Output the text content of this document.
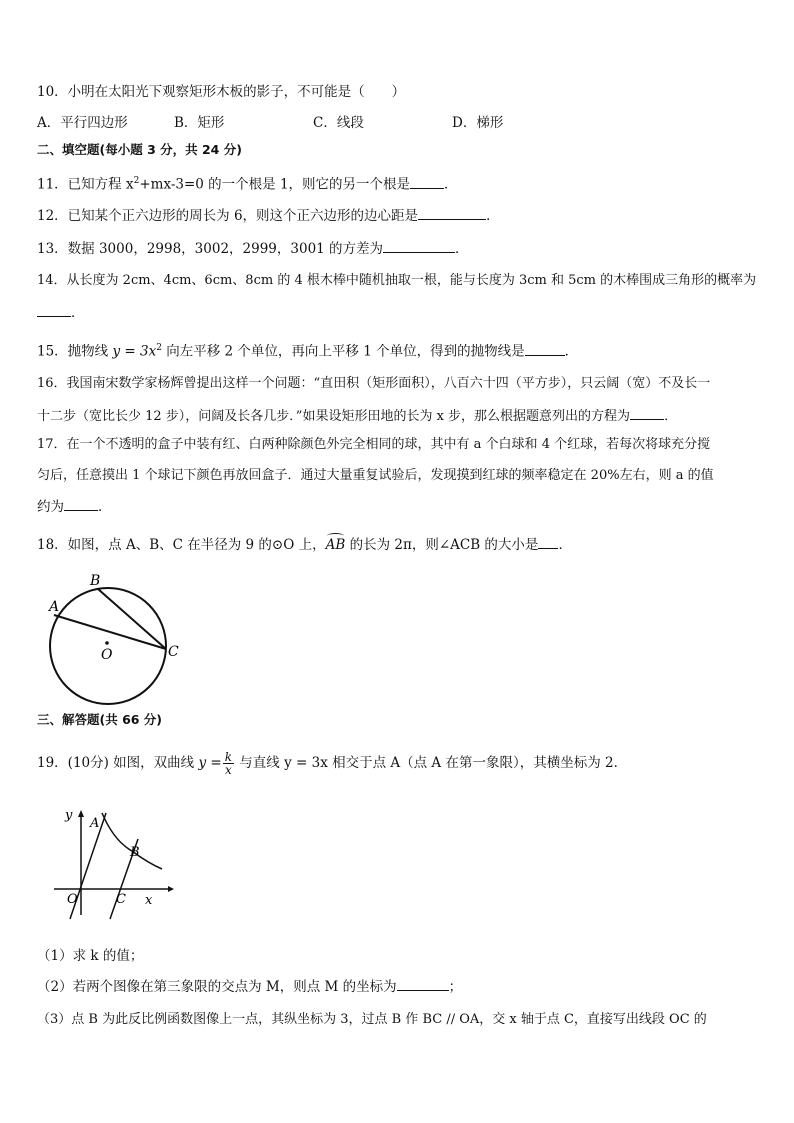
10．小明在太阳光下观察矩形木板的影子，不可能是（　　）
A．平行四边形	B．矩形	C．线段	D．梯形
二、填空题(每小题 3 分，共 24 分)
11．已知方程 $x^2+mx-3=0$ 的一个根是 1，则它的另一个根是	．
12．已知某个正六边形的周长为 6，则这个正六边形的边心距是	．
13．数据 3000，2998，3002，2999，3001 的方差为	．
14．从长度为 2cm、4cm、6cm、8cm 的 4 根木棒中随机抽取一根，能与长度为 3cm 和 5cm 的木棒围成三角形的概率为
．
15．抛物线 $y = 3x^2$ 向左平移 2 个单位，再向上平移 1 个单位，得到的抛物线是	．
16．我国南宋数学家杨辉曾提出这样一个问题：“直田积（矩形面积），八百六十四（平方步），只云阔（宽）不及长一
十二步（宽比长少 12 步），问阔及长各几步．”如果设矩形田地的长为 x 步，那么根据题意列出的方程为	．
17．在一个不透明的盒子中装有红、白两种除颜色外完全相同的球，其中有 a 个白球和 4 个红球，若每次将球充分搅
匀后，任意摸出 1 个球记下颜色再放回盒子．通过大量重复试验后，发现摸到红球的频率稳定在 20%左右，则 a 的值
约为	．
18．如图，点 A、B、C 在半径为 9 的⊙O 上，
AB 的长为 2π，则∠ACB 的大小是 ．
A
B
C
O
三、解答题(共 66 分)
19．(10分) 如图，双曲线 $y = \frac{k}{x}$ 与直线 y = 3x 相交于点 A（点 A 在第一象限），其横坐标为 2．
y
A
B
O	C x
（1）求 k 的值；
（2）若两个图像在第三象限的交点为 M，则点 M 的坐标为	；
（3）点 B 为此反比例函数图像上一点，其纵坐标为 3，过点 B 作 BC // OA，交 x 轴于点 C，直接写出线段 OC 的
